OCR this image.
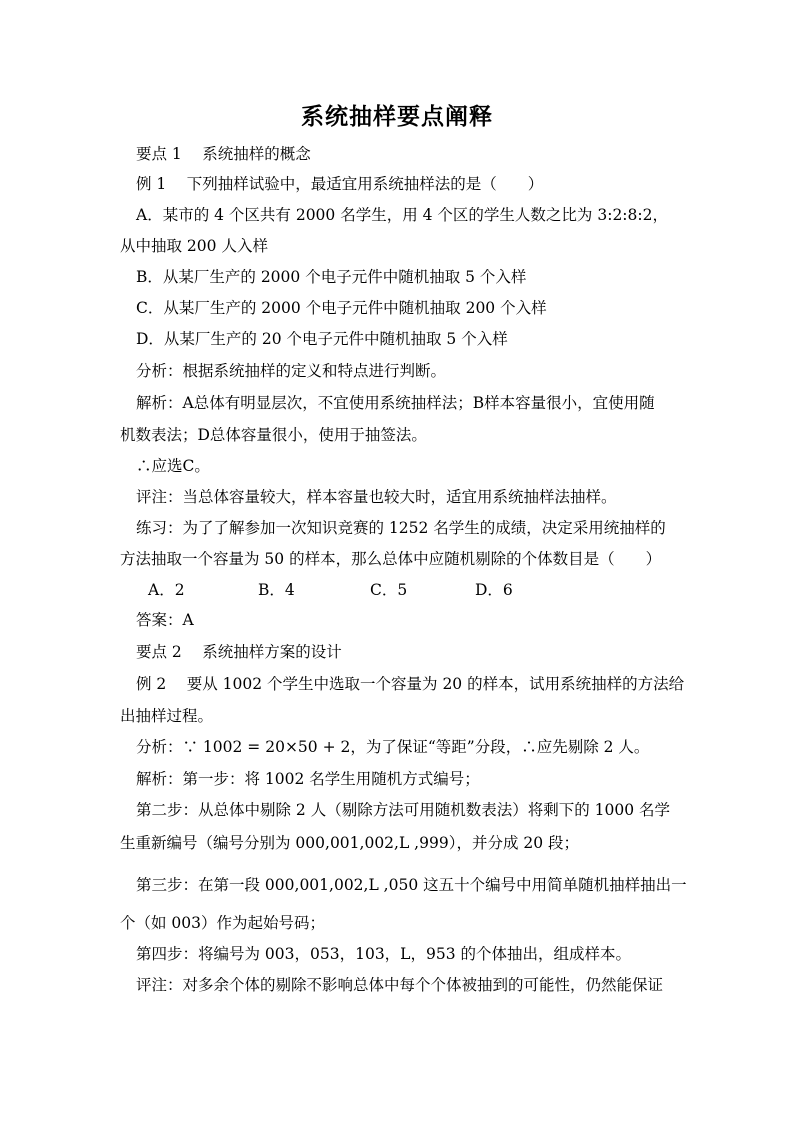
系统抽样要点阐释
要点 1　 系统抽样的概念
例 1　 下列抽样试验中，最适宜用系统抽样法的是（　　）
A．某市的 4 个区共有 2000 名学生，用 4 个区的学生人数之比为 3:2:8:2，
从中抽取 200 人入样
B．从某厂生产的 2000 个电子元件中随机抽取 5 个入样
C．从某厂生产的 2000 个电子元件中随机抽取 200 个入样
D．从某厂生产的 20 个电子元件中随机抽取 5 个入样
分析：根据系统抽样的定义和特点进行判断。
解析：A总体有明显层次，不宜使用系统抽样法；B样本容量很小，宜使用随
机数表法；D总体容量很小，使用于抽签法。
∴应选C。
评注：当总体容量较大，样本容量也较大时，适宜用系统抽样法抽样。
练习：为了了解参加一次知识竞赛的 1252 名学生的成绩，决定采用统抽样的
方法抽取一个容量为 50 的样本，那么总体中应随机剔除的个体数目是（　　）
A．2	B．4	C．5	D．6
答案：A
要点 2　 系统抽样方案的设计
例 2　 要从 1002 个学生中选取一个容量为 20 的样本，试用系统抽样的方法给
出抽样过程。
分析：∵ 1002 = 20×50 + 2，为了保证“等距”分段，∴应先剔除 2 人。
解析：第一步：将 1002 名学生用随机方式编号；
第二步：从总体中剔除 2 人（剔除方法可用随机数表法）将剩下的 1000 名学
生重新编号（编号分别为 000,001,002,L ,999），并分成 20 段；
第三步：在第一段 000,001,002,L ,050 这五十个编号中用简单随机抽样抽出一
个（如 003）作为起始号码；
第四步：将编号为 003，053，103，L，953 的个体抽出，组成样本。
评注：对多余个体的剔除不影响总体中每个个体被抽到的可能性，仍然能保证
